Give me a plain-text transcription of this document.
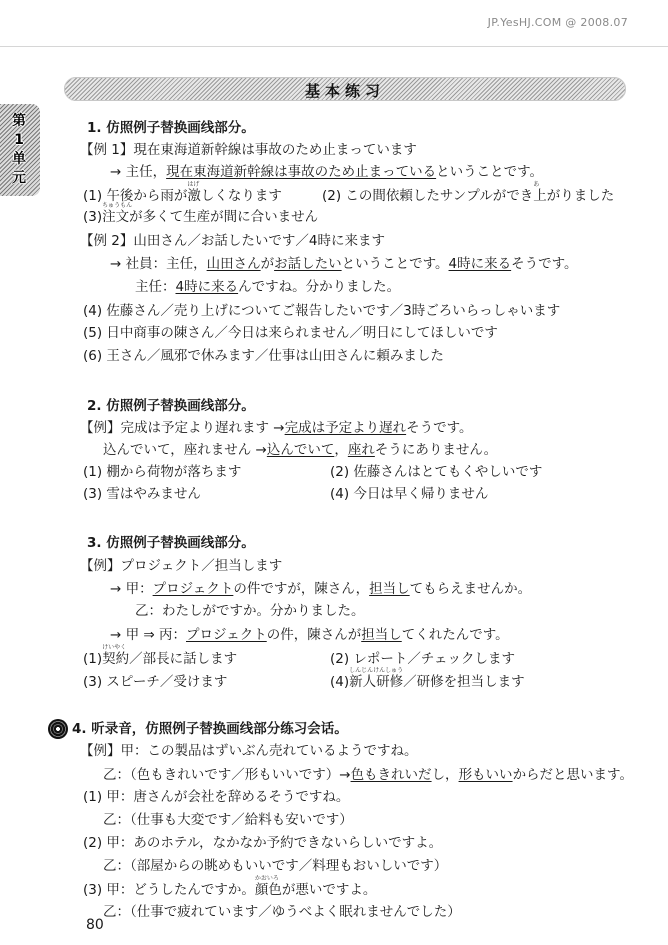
JP.YesHJ.COM @ 2008.07
基本练习
第1单元
1. 仿照例子替换画线部分。
【例 1】現在東海道新幹線は事故のため止まっています
→ 主任，現在東海道新幹線は事故のため止まっているということです。
(1) 午後から雨が激
はげ
しくなります	(2) この間依頼したサンプルができ上
あ
がりました
(3)注文
ちゅうもん
が多くて生産が間に合いません
【例 2】山田さん／お話したいです／4時に来ます
→ 社員：主任，山田さんがお話したいということです。4時に来るそうです。
主任：4時に来るんですね。分かりました。
(4) 佐藤さん／売り上げについてご報告したいです／3時ごろいらっしゃいます
(5) 日中商事の陳さん／今日は来られません／明日にしてほしいです
(6) 王さん／風邪で休みます／仕事は山田さんに頼みました
2. 仿照例子替换画线部分。
【例】完成は予定より遅れます →完成は予定より遅れそうです。
込んでいて，座れません →込んでいて，座れそうにありません。
(1) 棚から荷物が落ちます	(2) 佐藤さんはとてもくやしいです
(3) 雪はやみません	(4) 今日は早く帰りません
3. 仿照例子替换画线部分。
【例】プロジェクト／担当します
→ 甲：プロジェクトの件ですが，陳さん，担当してもらえませんか。
乙：わたしがですか。分かりました。
→ 甲 ⇒ 丙：プロジェクトの件，陳さんが担当してくれたんです。
(1)契約
けいやく
／部長に話します	(2) レポート／チェックします
(3) スピーチ／受けます	(4)新人研修
しんじんけんしゅう
／研修を担当します
4. 听录音，仿照例子替换画线部分练习会话。
【例】甲：この製品はずいぶん売れているようですね。
乙：（色もきれいです／形もいいです）→色もきれいだし，形もいいからだと思います。
(1) 甲：唐さんが会社を辞めるそうですね。
乙：（仕事も大変です／給料も安いです）
(2) 甲：あのホテル，なかなか予約できないらしいですよ。
乙：（部屋からの眺めもいいです／料理もおいしいです）
(3) 甲：どうしたんですか。顔色
かおいろ
が悪いですよ。
乙：（仕事で疲れています／ゆうべよく眠れませんでした）
80
